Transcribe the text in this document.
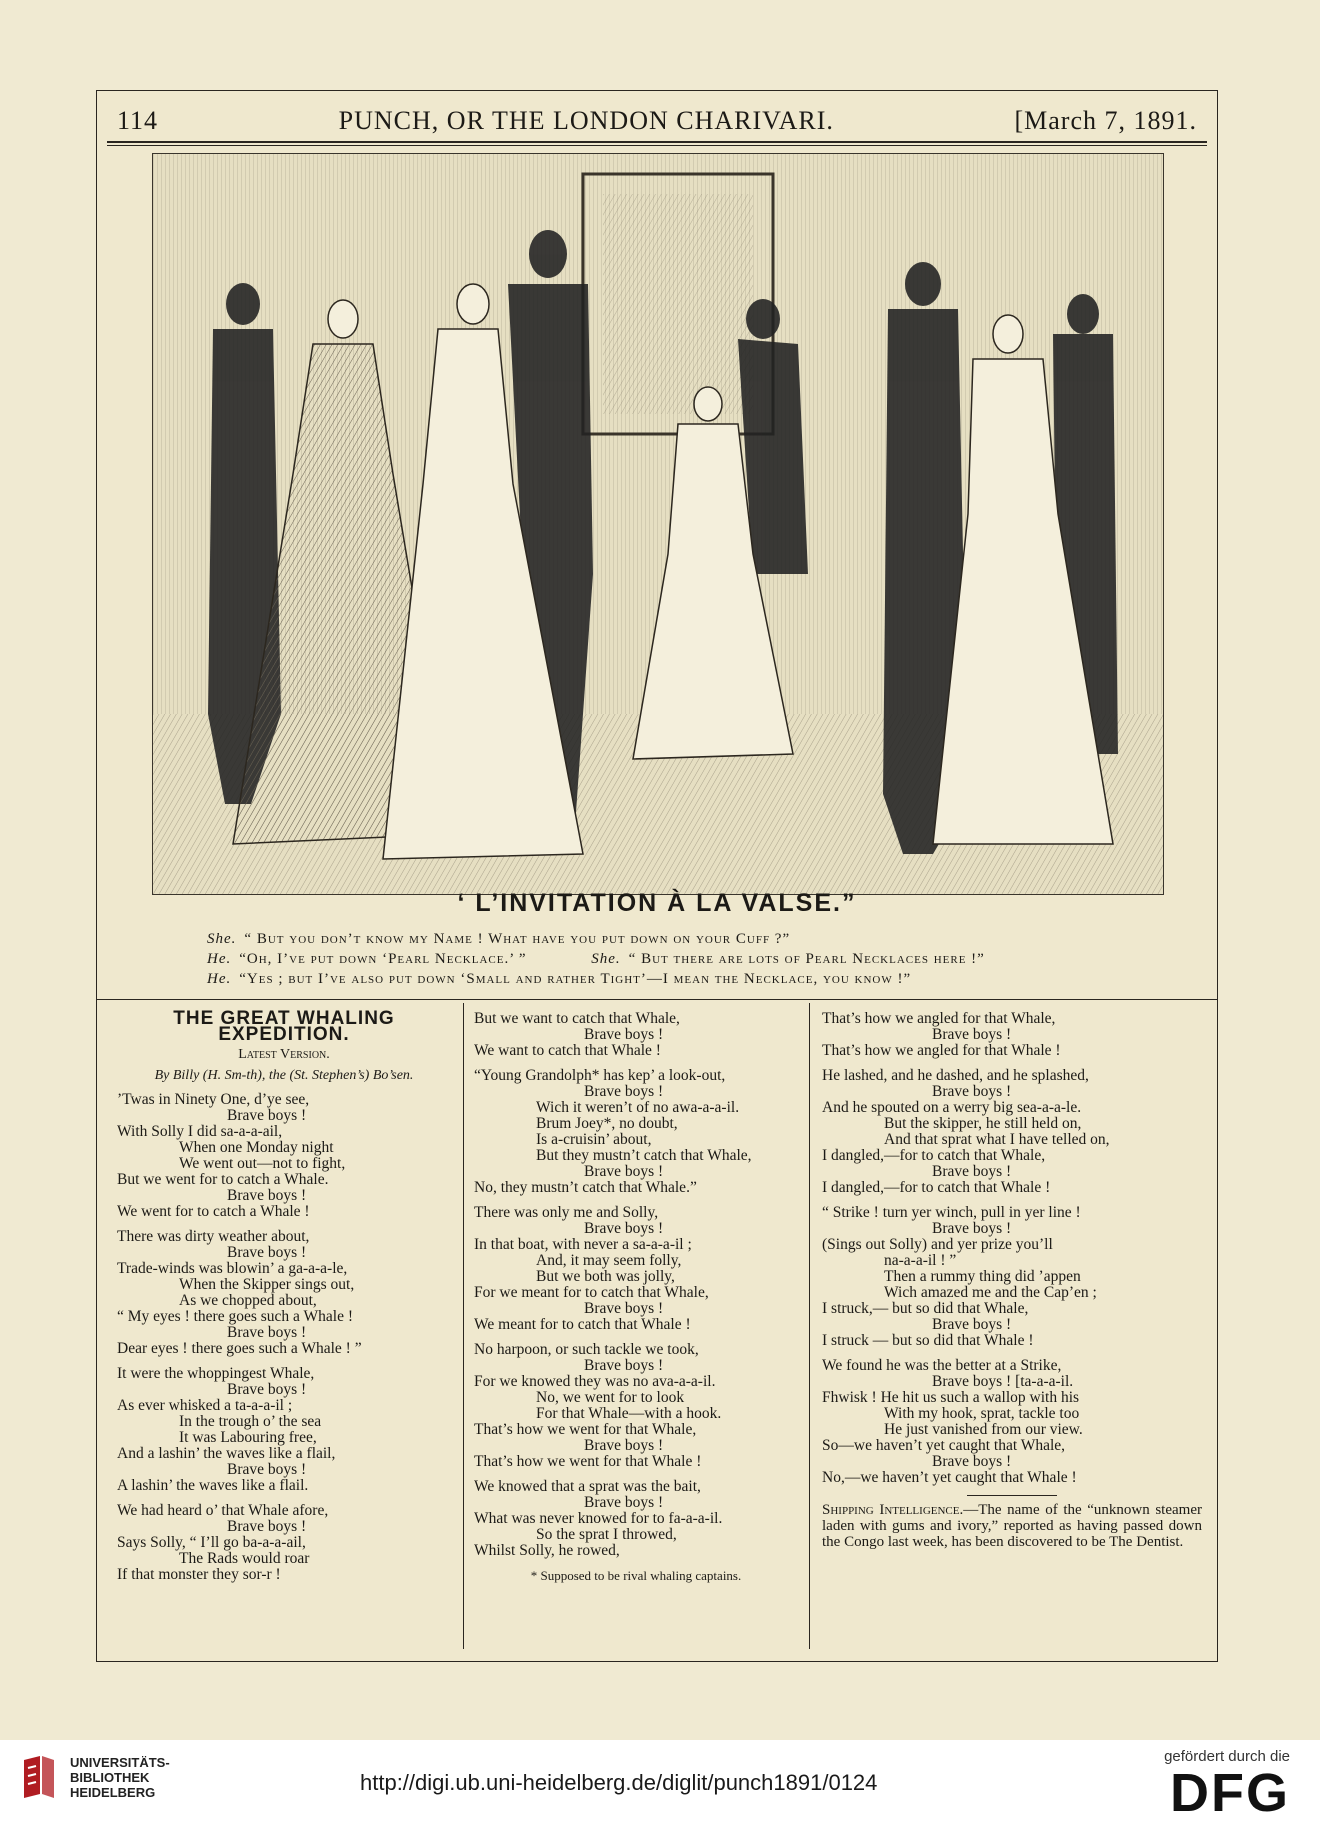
114	PUNCH, OR THE LONDON CHARIVARI.	[March 7, 1891.
‘ L’INVITATION À LA VALSE.”
She. “ But you don’t know my Name ! What have you put down on your Cuff ?”
He. “Oh, I’ve put down ‘Pearl Necklace.’ ”	She. “ But there are lots of Pearl Necklaces here !”
He. “Yes ; but I’ve also put down ‘Small and rather Tight’—I mean the Necklace, you know !”
THE GREAT WHALING EXPEDITION.
Latest Version.
By Billy (H. Sm-th), the (St. Stephen’s) Bo’sen.

’Twas in Ninety One, d’ye see,

Brave boys !

With Solly I did sa-a-a-ail,

When one Monday night

We went out—not to fight,

But we went for to catch a Whale.

Brave boys !

We went for to catch a Whale !

There was dirty weather about,

Brave boys !

Trade-winds was blowin’ a ga-a-a-le,

When the Skipper sings out,

As we chopped about,

“ My eyes ! there goes such a Whale !

Brave boys !

Dear eyes ! there goes such a Whale ! ”

It were the whoppingest Whale,

Brave boys !

As ever whisked a ta-a-a-il ;

In the trough o’ the sea

It was Labouring free,

And a lashin’ the waves like a flail,

Brave boys !

A lashin’ the waves like a flail.

We had heard o’ that Whale afore,

Brave boys !

Says Solly, “ I’ll go ba-a-a-ail,

The Rads would roar

If that monster they sor-r !

But we want to catch that Whale,

Brave boys !

We want to catch that Whale !

“Young Grandolph* has kep’ a look-out,

Brave boys !

Wich it weren’t of no awa-a-a-il.

Brum Joey*, no doubt,

Is a-cruisin’ about,

But they mustn’t catch that Whale,

Brave boys !

No, they mustn’t catch that Whale.”

There was only me and Solly,

Brave boys !

In that boat, with never a sa-a-a-il ;

And, it may seem folly,

But we both was jolly,

For we meant for to catch that Whale,

Brave boys !

We meant for to catch that Whale !

No harpoon, or such tackle we took,

Brave boys !

For we knowed they was no ava-a-a-il.

No, we went for to look

For that Whale—with a hook.

That’s how we went for that Whale,

Brave boys !

That’s how we went for that Whale !

We knowed that a sprat was the bait,

Brave boys !

What was never knowed for to fa-a-a-il.

So the sprat I throwed,

Whilst Solly, he rowed,

* Supposed to be rival whaling captains.

That’s how we angled for that Whale,

Brave boys !

That’s how we angled for that Whale !

He lashed, and he dashed, and he splashed,

Brave boys !

And he spouted on a werry big sea-a-a-le.

But the skipper, he still held on,

And that sprat what I have telled on,

I dangled,—for to catch that Whale,

Brave boys !

I dangled,—for to catch that Whale !

“ Strike ! turn yer winch, pull in yer line !

Brave boys !

(Sings out Solly) and yer prize you’ll

na-a-a-il ! ”

Then a rummy thing did ’appen

Wich amazed me and the Cap’en ;

I struck,— but so did that Whale,

Brave boys !

I struck — but so did that Whale !

We found he was the better at a Strike,

Brave boys ! [ta-a-a-il.

Fhwisk ! He hit us such a wallop with his

With my hook, sprat, tackle too

He just vanished from our view.

So—we haven’t yet caught that Whale,

Brave boys !

No,—we haven’t yet caught that Whale !

Shipping Intelligence.—The name of the “unknown steamer laden with gums and ivory,” reported as having passed down the Congo last week, has been discovered to be The Dentist.
UNIVERSITÄTS-
BIBLIOTHEK
HEIDELBERG	http://digi.ub.uni-heidelberg.de/diglit/punch1891/0124
gefördert durch die
DFG
